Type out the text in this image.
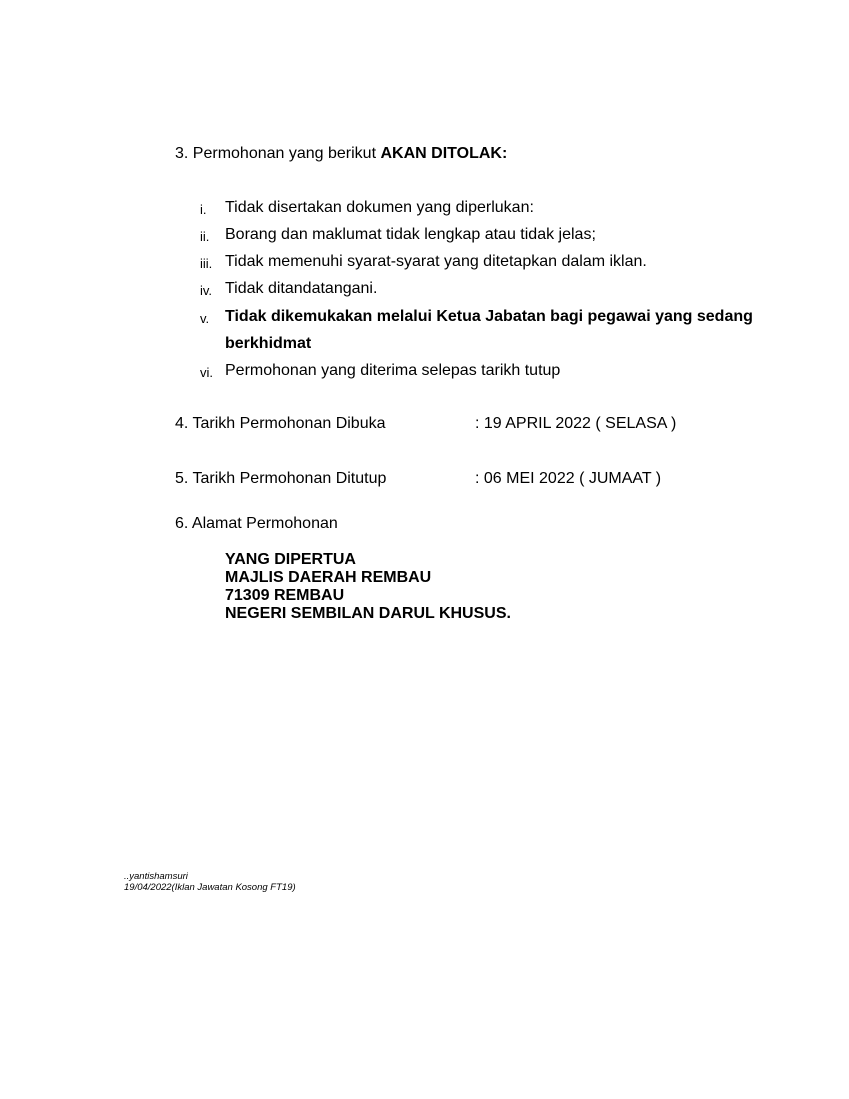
3. Permohonan yang berikut AKAN DITOLAK:
i. Tidak disertakan dokumen yang diperlukan:
ii. Borang dan maklumat tidak lengkap atau tidak jelas;
iii. Tidak memenuhi syarat-syarat yang ditetapkan dalam iklan.
iv. Tidak ditandatangani.
v. Tidak dikemukakan melalui Ketua Jabatan bagi pegawai yang sedang
berkhidmat
vi. Permohonan yang diterima selepas tarikh tutup
4. Tarikh Permohonan Dibuka	: 19 APRIL 2022 ( SELASA )
5. Tarikh Permohonan Ditutup	: 06 MEI 2022 ( JUMAAT )
6. Alamat Permohonan
YANG DIPERTUA
MAJLIS DAERAH REMBAU
71309 REMBAU
NEGERI SEMBILAN DARUL KHUSUS.
..yantishamsuri
19/04/2022(Iklan Jawatan Kosong FT19)
